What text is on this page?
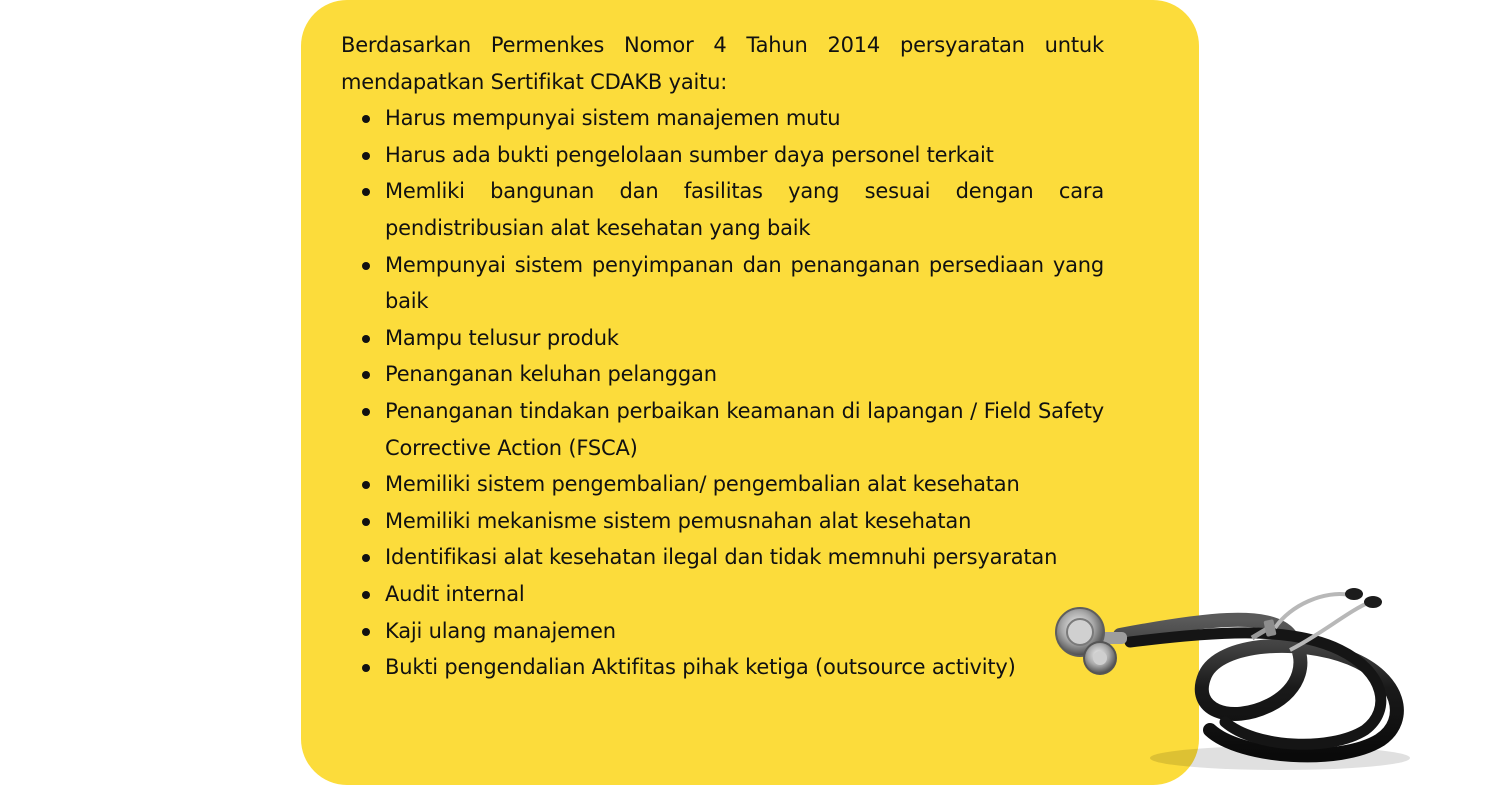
Berdasarkan Permenkes Nomor 4 Tahun 2014 persyaratan untuk mendapatkan Sertifikat CDAKB yaitu:

Harus mempunyai sistem manajemen mutu
Harus ada bukti pengelolaan sumber daya personel terkait
Memliki bangunan dan fasilitas yang sesuai dengan cara pendistribusian alat kesehatan yang baik
Mempunyai sistem penyimpanan dan penanganan persediaan yang baik
Mampu telusur produk
Penanganan keluhan pelanggan
Penanganan tindakan perbaikan keamanan di lapangan / Field Safety Corrective Action (FSCA)
Memiliki sistem pengembalian/ pengembalian alat kesehatan
Memiliki mekanisme sistem pemusnahan alat kesehatan
Identifikasi alat kesehatan ilegal dan tidak memnuhi persyaratan
Audit internal
Kaji ulang manajemen
Bukti pengendalian Aktifitas pihak ketiga (outsource activity)
